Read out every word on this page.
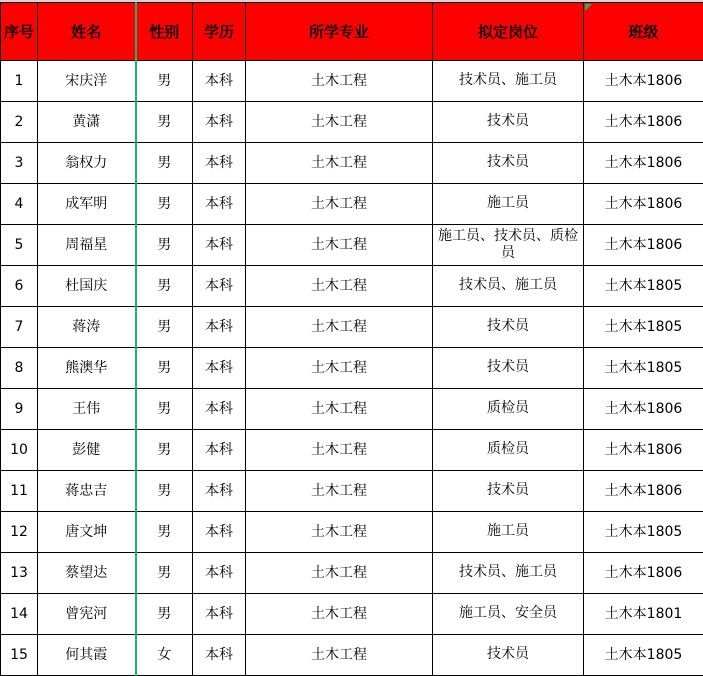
序号	姓名	性别	学历	所学专业	拟定岗位	班级
1	宋庆洋	男	本科	土木工程	技术员、施工员	土木本1806
2	黄潇	男	本科	土木工程	技术员	土木本1806
3	翁权力	男	本科	土木工程	技术员	土木本1806
4	成军明	男	本科	土木工程	施工员	土木本1806
5	周福星	男	本科	土木工程	施工员、技术员、质检员	土木本1806
6	杜国庆	男	本科	土木工程	技术员、施工员	土木本1805
7	蒋涛	男	本科	土木工程	技术员	土木本1805
8	熊澳华	男	本科	土木工程	技术员	土木本1805
9	王伟	男	本科	土木工程	质检员	土木本1806
10	彭健	男	本科	土木工程	质检员	土木本1806
11	蒋忠吉	男	本科	土木工程	技术员	土木本1806
12	唐文坤	男	本科	土木工程	施工员	土木本1805
13	蔡望达	男	本科	土木工程	技术员、施工员	土木本1806
14	曾宪河	男	本科	土木工程	施工员、安全员	土木本1801
15	何其霞	女	本科	土木工程	技术员	土木本1805
